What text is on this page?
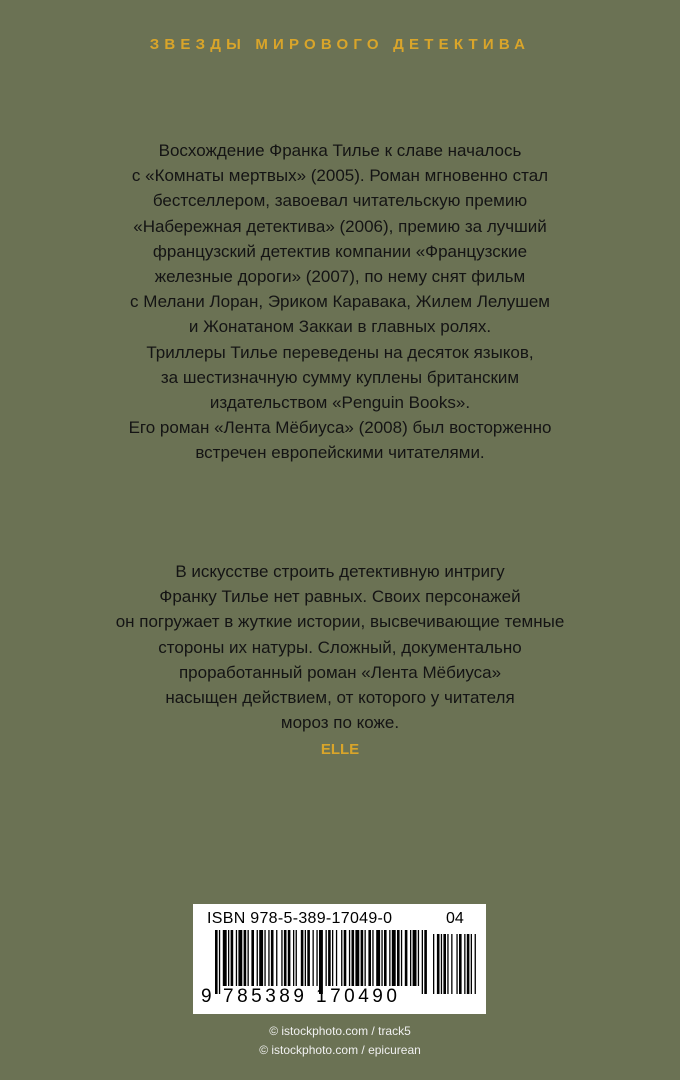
ЗВЕЗДЫ МИРОВОГО ДЕТЕКТИВА
Восхождение Франка Тилье к славе началось
с «Комнаты мертвых» (2005). Роман мгновенно стал
бестселлером, завоевал читательскую премию
«Набережная детектива» (2006), премию за лучший
французский детектив компании «Французские
железные дороги» (2007), по нему снят фильм
с Мелани Лоран, Эриком Каравака, Жилем Лелушем
и Жонатаном Заккаи в главных ролях.
Триллеры Тилье переведены на десяток языков,
за шестизначную сумму куплены британским
издательством «Penguin Books».
Его роман «Лента Мёбиуса» (2008) был восторженно
встречен европейскими читателями.
В искусстве строить детективную интригу
Франку Тилье нет равных. Своих персонажей
он погружает в жуткие истории, высвечивающие темные
стороны их натуры. Сложный, документально
проработанный роман «Лента Мёбиуса»
насыщен действием, от которого у читателя
мороз по коже.
ELLE
ISBN 978-5-389-17049-0	04
9 785389 170490
© istockphoto.com / track5
© istockphoto.com / epicurean
